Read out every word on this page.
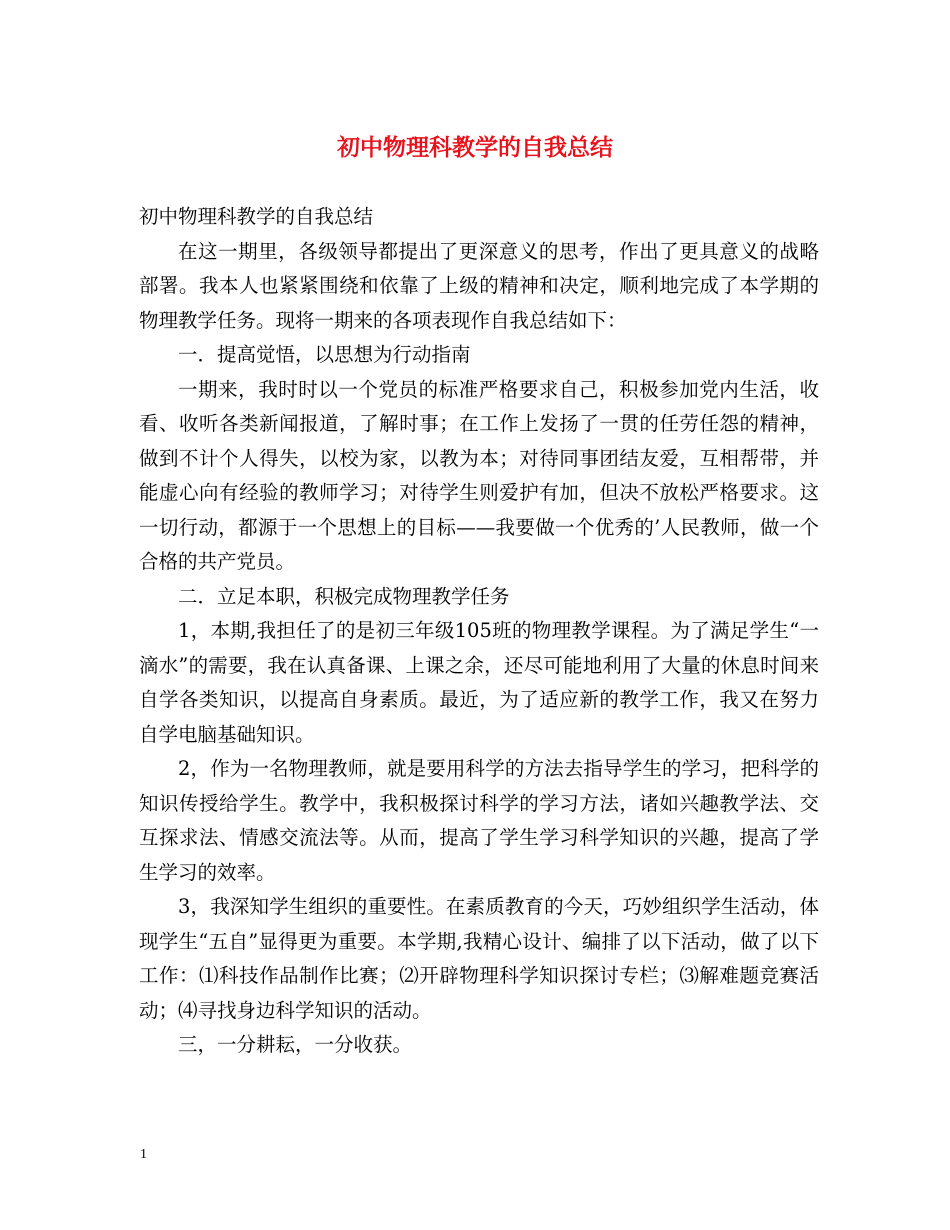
初中物理科教学的自我总结

初中物理科教学的自我总结

在这一期里，各级领导都提出了更深意义的思考，作出了更具意义的战略部署。我本人也紧紧围绕和依靠了上级的精神和决定，顺利地完成了本学期的物理教学任务。现将一期来的各项表现作自我总结如下：

一．提高觉悟，以思想为行动指南

一期来，我时时以一个党员的标准严格要求自己，积极参加党内生活，收看、收听各类新闻报道，了解时事；在工作上发扬了一贯的任劳任怨的精神，做到不计个人得失，以校为家，以教为本；对待同事团结友爱，互相帮带，并能虚心向有经验的教师学习；对待学生则爱护有加，但决不放松严格要求。这一切行动，都源于一个思想上的目标——我要做一个优秀的’人民教师，做一个合格的共产党员。

二．立足本职，积极完成物理教学任务

1，本期,我担任了的是初三年级105班的物理教学课程。为了满足学生“一滴水”的需要，我在认真备课、上课之余，还尽可能地利用了大量的休息时间来自学各类知识，以提高自身素质。最近，为了适应新的教学工作，我又在努力自学电脑基础知识。

2，作为一名物理教师，就是要用科学的方法去指导学生的学习，把科学的知识传授给学生。教学中，我积极探讨科学的学习方法，诸如兴趣教学法、交互探求法、情感交流法等。从而，提高了学生学习科学知识的兴趣，提高了学生学习的效率。

3，我深知学生组织的重要性。在素质教育的今天，巧妙组织学生活动，体现学生“五自”显得更为重要。本学期,我精心设计、编排了以下活动，做了以下工作：⑴科技作品制作比赛；⑵开辟物理科学知识探讨专栏；⑶解难题竞赛活动；⑷寻找身边科学知识的活动。

三，一分耕耘，一分收获。

1
